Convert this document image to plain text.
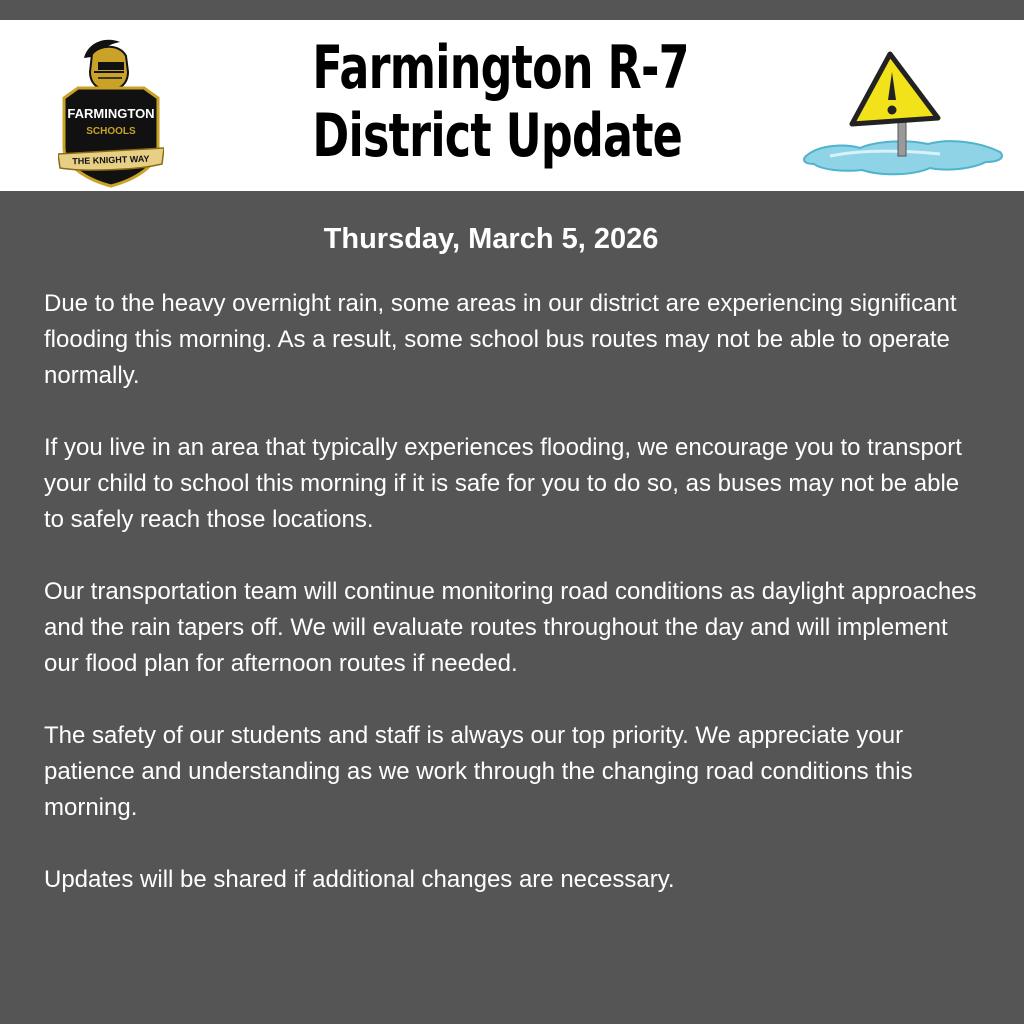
FARMINGTON
SCHOOLS
THE KNIGHT WAY
Farmington R-7
District Update
Thursday, March 5, 2026

Due to the heavy overnight rain, some areas in our district are experiencing significant flooding this morning. As a result, some school bus routes may not be able to operate normally.

If you live in an area that typically experiences flooding, we encourage you to transport your child to school this morning if it is safe for you to do so, as buses may not be able to safely reach those locations.

Our transportation team will continue monitoring road conditions as daylight approaches and the rain tapers off. We will evaluate routes throughout the day and will implement our flood plan for afternoon routes if needed.

The safety of our students and staff is always our top priority. We appreciate your patience and understanding as we work through the changing road conditions this morning.

Updates will be shared if additional changes are necessary.
